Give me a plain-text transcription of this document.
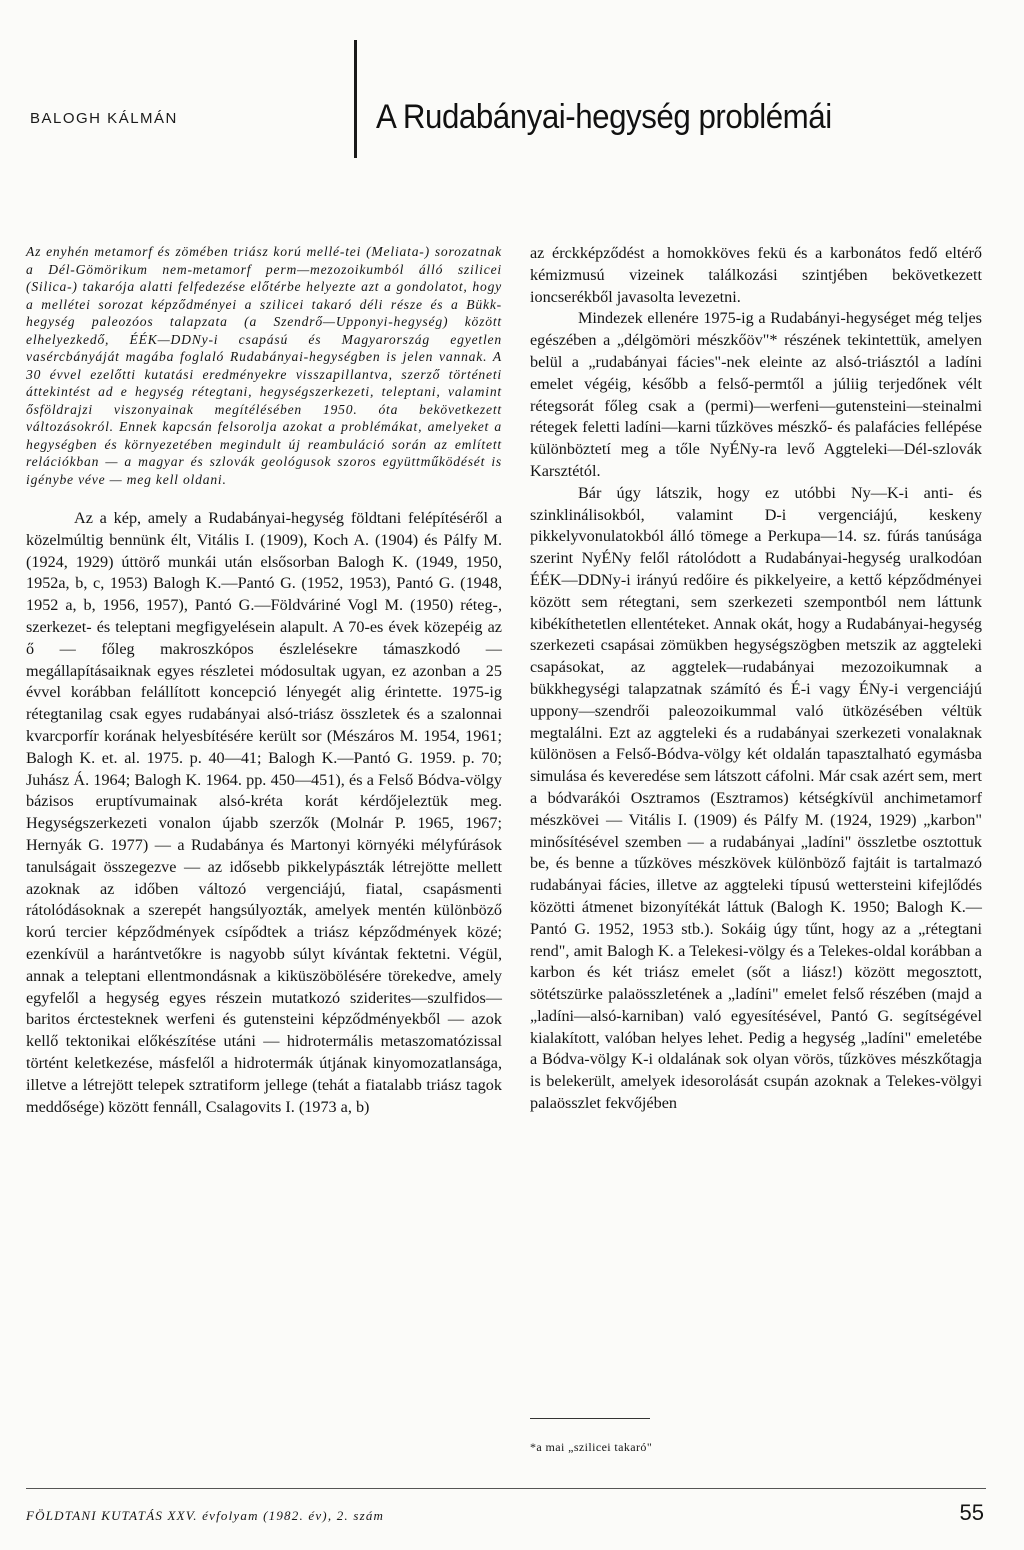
BALOGH KÁLMÁN	A Rudabányai-hegység problémái

Az enyhén metamorf és zömében triász korú mellé-tei (Meliata-) sorozatnak a Dél-Gömörikum nem-metamorf perm—mezozoikumból álló szilicei (Silica-) takarója alatti felfedezése előtérbe helyezte azt a gondolatot, hogy a mellétei sorozat képződményei a szilicei takaró déli része és a Bükk-hegység paleozóos talapzata (a Szendrő—Upponyi-hegység) között elhelyezkedő, ÉÉK—DDNy-i csapású és Magyarország egyetlen vasércbányáját magába foglaló Rudabányai-hegységben is jelen vannak. A 30 évvel ezelőtti kutatási eredményekre visszapillantva, szerző történeti áttekintést ad e hegység rétegtani, hegységszerkezeti, teleptani, valamint ősföldrajzi viszonyainak megítélésében 1950. óta bekövetkezett változásokról. Ennek kapcsán felsorolja azokat a problémákat, amelyeket a hegységben és környezetében megindult új reambuláció során az említett relációkban — a magyar és szlovák geológusok szoros együttműködését is igénybe véve — meg kell oldani.

Az a kép, amely a Rudabányai-hegység földtani felépítéséről a közelmúltig bennünk élt, Vitális I. (1909), Koch A. (1904) és Pálfy M. (1924, 1929) úttörő munkái után elsősorban Balogh K. (1949, 1950, 1952a, b, c, 1953) Balogh K.—Pantó G. (1952, 1953), Pantó G. (1948, 1952 a, b, 1956, 1957), Pantó G.—Földváriné Vogl M. (1950) réteg-, szerkezet- és teleptani megfigyelésein alapult. A 70-es évek közepéig az ő — főleg makroszkópos észlelésekre támaszkodó — megállapításaiknak egyes részletei módosultak ugyan, ez azonban a 25 évvel korábban felállított koncepció lényegét alig érintette. 1975-ig rétegtanilag csak egyes rudabányai alsó-triász összletek és a szalonnai kvarcporfír korának helyesbítésére került sor (Mészáros M. 1954, 1961; Balogh K. et. al. 1975. p. 40—41; Balogh K.—Pantó G. 1959. p. 70; Juhász Á. 1964; Balogh K. 1964. pp. 450—451), és a Felső Bódva-völgy bázisos eruptívumainak alsó-kréta korát kérdőjeleztük meg. Hegységszerkezeti vonalon újabb szerzők (Molnár P. 1965, 1967; Hernyák G. 1977) — a Rudabánya és Martonyi környéki mélyfúrások tanulságait összegezve — az idősebb pikkelypászták létrejötte mellett azoknak az időben változó vergenciájú, fiatal, csapásmenti rátolódásoknak a szerepét hangsúlyozták, amelyek mentén különböző korú tercier képződmények csípődtek a triász képződmények közé; ezenkívül a harántvetőkre is nagyobb súlyt kívántak fektetni. Végül, annak a teleptani ellentmondásnak a kiküszöbölésére törekedve, amely egyfelől a hegység egyes részein mutatkozó sziderites—szulfidos—baritos érctesteknek werfeni és gutensteini képződményekből — azok kellő tektonikai előkészítése utáni — hidrotermális metaszomatózissal történt keletkezése, másfelől a hidrotermák útjának kinyomozatlansága, illetve a létrejött telepek sztratiform jellege (tehát a fiatalabb triász tagok meddősége) között fennáll, Csalagovits I. (1973 a, b)

az érckképződést a homokköves fekü és a karbonátos fedő eltérő kémizmusú vizeinek találkozási szintjében bekövetkezett ioncserékből javasolta levezetni.

Mindezek ellenére 1975-ig a Rudabányi-hegységet még teljes egészében a „délgömöri mészkőöv"* részének tekintettük, amelyen belül a „rudabányai fácies"-nek eleinte az alsó-triásztól a ladíni emelet végéig, később a felső-permtől a júliig terjedőnek vélt rétegsorát főleg csak a (permi)—werfeni—gutensteini—steinalmi rétegek feletti ladíni—karni tűzköves mészkő- és palafácies fellépése különböztetí meg a tőle NyÉNy-ra levő Aggteleki—Dél-szlovák Karsztétól.

Bár úgy látszik, hogy ez utóbbi Ny—K-i anti- és szinklinálisokból, valamint D-i vergenciájú, keskeny pikkelyvonulatokból álló tömege a Perkupa—14. sz. fúrás tanúsága szerint NyÉNy felől rátolódott a Rudabányai-hegység uralkodóan ÉÉK—DDNy-i irányú redőire és pikkelyeire, a kettő képződményei között sem rétegtani, sem szerkezeti szempontból nem láttunk kibékíthetetlen ellentéteket. Annak okát, hogy a Rudabányai-hegység szerkezeti csapásai zömükben hegységszögben metszik az aggteleki csapásokat, az aggtelek—rudabányai mezozoikumnak a bükkhegységi talapzatnak számító és É-i vagy ÉNy-i vergenciájú uppony—szendrői paleozoikummal való ütközésében véltük megtalálni. Ezt az aggteleki és a rudabányai szerkezeti vonalaknak különösen a Felső-Bódva-völgy két oldalán tapasztalható egymásba simulása és keveredése sem látszott cáfolni. Már csak azért sem, mert a bódvarákói Osztramos (Esztramos) kétségkívül anchimetamorf mészkövei — Vitális I. (1909) és Pálfy M. (1924, 1929) „karbon" minősítésével szemben — a rudabányai „ladíni" összletbe osztottuk be, és benne a tűzköves mészkövek különböző fajtáit is tartalmazó rudabányai fácies, illetve az aggteleki típusú wettersteini kifejlődés közötti átmenet bizonyítékát láttuk (Balogh K. 1950; Balogh K.—Pantó G. 1952, 1953 stb.). Sokáig úgy tűnt, hogy az a „rétegtani rend", amit Balogh K. a Telekesi-völgy és a Telekes-oldal korábban a karbon és két triász emelet (sőt a liász!) között megosztott, sötétszürke palaösszletének a „ladíni" emelet felső részében (majd a „ladíni—alsó-karniban) való egyesítésével, Pantó G. segítségével kialakított, valóban helyes lehet. Pedig a hegység „ladíni" emeletébe a Bódva-völgy K-i oldalának sok olyan vörös, tűzköves mészkőtagja is belekerült, amelyek idesorolását csupán azoknak a Telekes-völgyi palaösszlet fekvőjében

*a mai „szilicei takaró"
FÖLDTANI KUTATÁS XXV. évfolyam (1982. év), 2. szám	55
